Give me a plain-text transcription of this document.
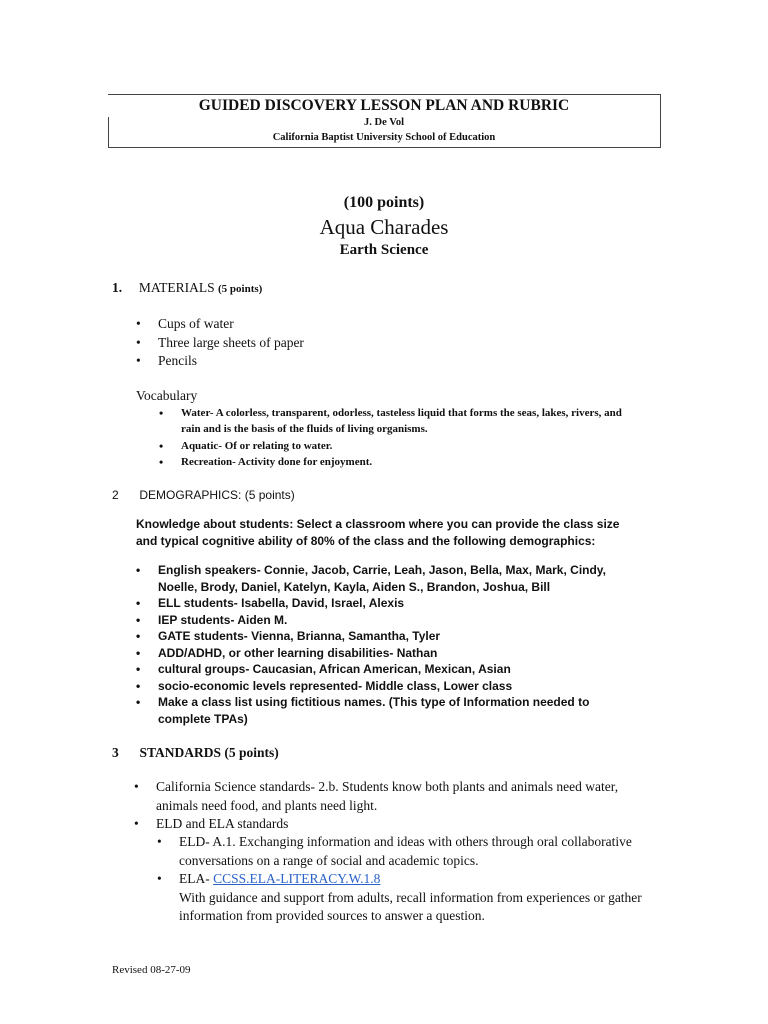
GUIDED DISCOVERY LESSON PLAN AND RUBRIC
J. De Vol
California Baptist University School of Education
(100 points)
Aqua Charades
Earth Science
1. MATERIALS (5 points)
• Cups of water
• Three large sheets of paper
• Pencils
Vocabulary
• Water- A colorless, transparent, odorless, tasteless liquid that forms the seas, lakes, rivers, and rain and is the basis of the fluids of living organisms.
• Aquatic- Of or relating to water.
• Recreation- Activity done for enjoyment.
2 DEMOGRAPHICS: (5 points)
Knowledge about students: Select a classroom where you can provide the class size and typical cognitive ability of 80% of the class and the following demographics:
• English speakers- Connie, Jacob, Carrie, Leah, Jason, Bella, Max, Mark, Cindy, Noelle, Brody, Daniel, Katelyn, Kayla, Aiden S., Brandon, Joshua, Bill
• ELL students- Isabella, David, Israel, Alexis
• IEP students- Aiden M.
• GATE students- Vienna, Brianna, Samantha, Tyler
• ADD/ADHD, or other learning disabilities- Nathan
• cultural groups- Caucasian, African American, Mexican, Asian
• socio-economic levels represented- Middle class, Lower class
• Make a class list using fictitious names. (This type of Information needed to complete TPAs)
3 STANDARDS (5 points)
• California Science standards- 2.b. Students know both plants and animals need water, animals need food, and plants need light.
• ELD and ELA standards
• ELD- A.1. Exchanging information and ideas with others through oral collaborative conversations on a range of social and academic topics.
• ELA- CCSS.ELA-LITERACY.W.1.8
With guidance and support from adults, recall information from experiences or gather information from provided sources to answer a question.
Revised 08-27-09
